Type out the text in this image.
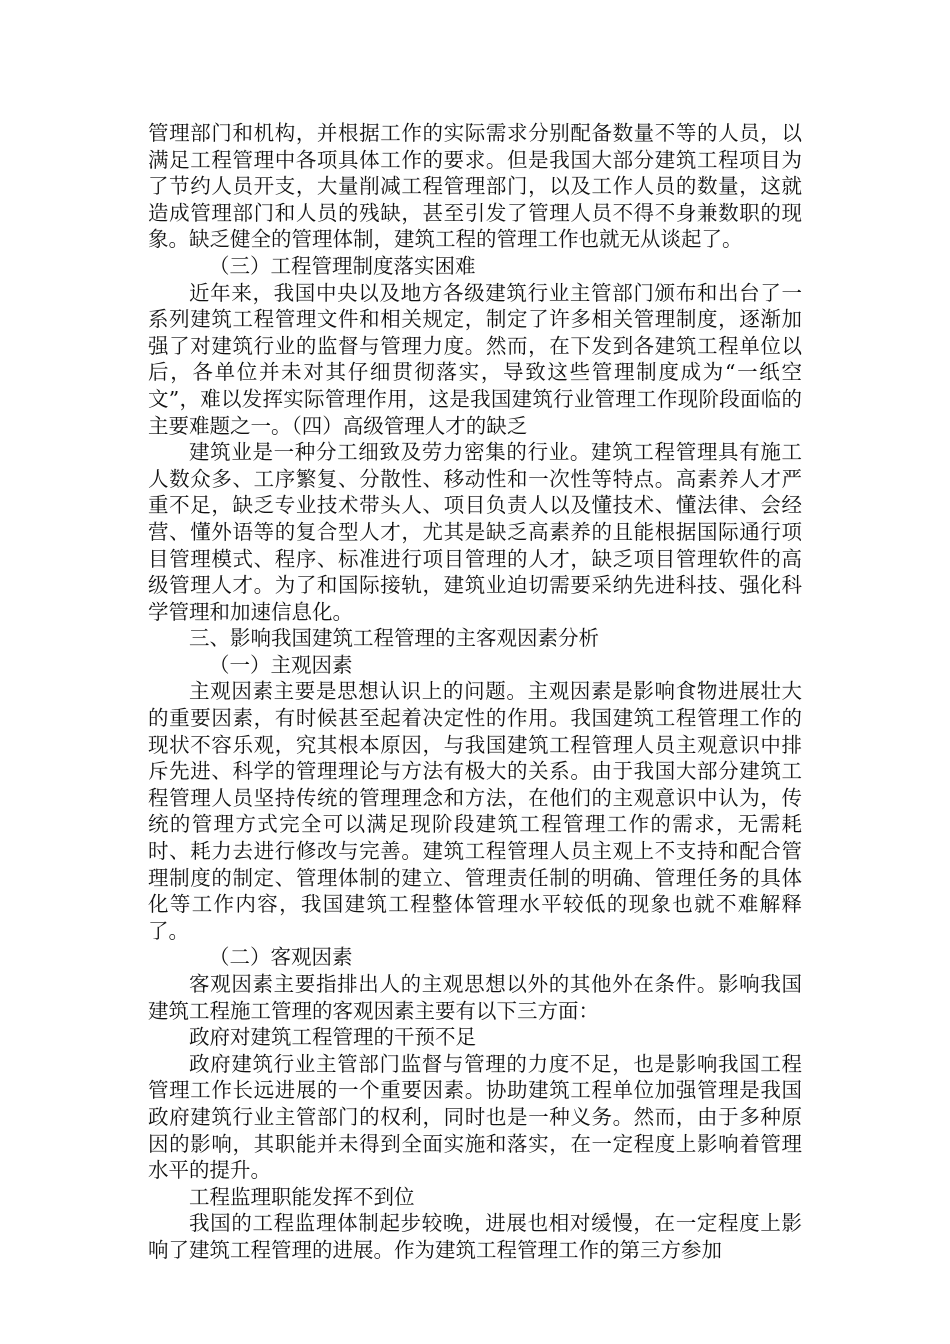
管理部门和机构，并根据工作的实际需求分别配备数量不等的人员，以满足工程管理中各项具体工作的要求。但是我国大部分建筑工程项目为了节约人员开支，大量削减工程管理部门，以及工作人员的数量，这就造成管理部门和人员的残缺，甚至引发了管理人员不得不身兼数职的现象。缺乏健全的管理体制，建筑工程的管理工作也就无从谈起了。

（三）工程管理制度落实困难

近年来，我国中央以及地方各级建筑行业主管部门颁布和出台了一系列建筑工程管理文件和相关规定，制定了许多相关管理制度，逐渐加强了对建筑行业的监督与管理力度。然而，在下发到各建筑工程单位以后，各单位并未对其仔细贯彻落实，导致这些管理制度成为“一纸空文”，难以发挥实际管理作用，这是我国建筑行业管理工作现阶段面临的主要难题之一。（四）高级管理人才的缺乏

建筑业是一种分工细致及劳力密集的行业。建筑工程管理具有施工人数众多、工序繁复、分散性、移动性和一次性等特点。高素养人才严重不足，缺乏专业技术带头人、项目负责人以及懂技术、懂法律、会经营、懂外语等的复合型人才，尤其是缺乏高素养的且能根据国际通行项目管理模式、程序、标准进行项目管理的人才，缺乏项目管理软件的高级管理人才。为了和国际接轨，建筑业迫切需要采纳先进科技、强化科学管理和加速信息化。

三、影响我国建筑工程管理的主客观因素分析

（一）主观因素

主观因素主要是思想认识上的问题。主观因素是影响食物进展壮大的重要因素，有时候甚至起着决定性的作用。我国建筑工程管理工作的现状不容乐观，究其根本原因，与我国建筑工程管理人员主观意识中排斥先进、科学的管理理论与方法有极大的关系。由于我国大部分建筑工程管理人员坚持传统的管理理念和方法，在他们的主观意识中认为，传统的管理方式完全可以满足现阶段建筑工程管理工作的需求，无需耗时、耗力去进行修改与完善。建筑工程管理人员主观上不支持和配合管理制度的制定、管理体制的建立、管理责任制的明确、管理任务的具体化等工作内容，我国建筑工程整体管理水平较低的现象也就不难解释了。

（二）客观因素

客观因素主要指排出人的主观思想以外的其他外在条件。影响我国建筑工程施工管理的客观因素主要有以下三方面：

政府对建筑工程管理的干预不足

政府建筑行业主管部门监督与管理的力度不足，也是影响我国工程管理工作长远进展的一个重要因素。协助建筑工程单位加强管理是我国政府建筑行业主管部门的权利，同时也是一种义务。然而，由于多种原因的影响，其职能并未得到全面实施和落实，在一定程度上影响着管理水平的提升。

工程监理职能发挥不到位

我国的工程监理体制起步较晚，进展也相对缓慢，在一定程度上影响了建筑工程管理的进展。作为建筑工程管理工作的第三方参加
